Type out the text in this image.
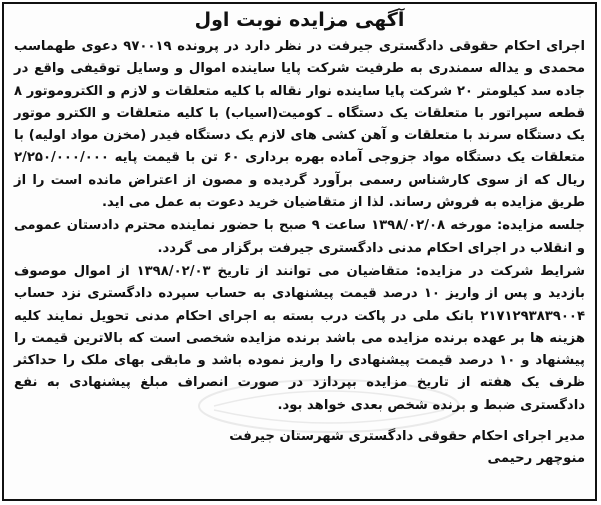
آگهی مزایده نوبت اول

اجرای احکام حقوقی دادگستری جیرفت در نظر دارد در پرونده ۹۷۰۰۱۹ دعوی طهماسب محمدی و یداله سمندری به طرفیت شرکت پایا ساینده اموال و وسایل توقیفی واقع در جاده سد کیلومتر ۲۰ شرکت پایا ساینده نوار نقاله با کلیه متعلقات و لازم و الکتروموتور ۸ قطعه سپراتور با متعلقات یک دستگاه ـ کومیت(اسیاب) با کلیه متعلقات و الکترو موتور یک دستگاه سرند با متعلقات و آهن کشی های لازم یک دستگاه فیدر (مخزن مواد اولیه) با متعلقات یک دستگاه مواد جزوجی آماده بهره برداری ۶۰ تن با قیمت پایه ۲/۲۵۰/۰۰۰/۰۰۰ ریال که از سوی کارشناس رسمی برآورد گردیده و مصون از اعتراض مانده است را از طریق مزایده به فروش رساند. لذا از متقاضیان خرید دعوت به عمل می اید.

جلسه مزایده: مورخه ۱۳۹۸/۰۲/۰۸ ساعت ۹ صبح با حضور نماینده محترم دادستان عمومی و انقلاب در اجرای احکام مدنی دادگستری جیرفت برگزار می گردد.

شرایط شرکت در مزایده: متقاضیان می توانند از تاریخ ۱۳۹۸/۰۲/۰۳ از اموال موصوف بازدید و پس از واریز ۱۰ درصد قیمت پیشنهادی به حساب سپرده دادگستری نزد حساب ۲۱۷۱۲۹۳۸۳۹۰۰۴ بانک ملی در پاکت درب بسته به اجرای احکام مدنی تحویل نمایند کلیه هزینه ها بر عهده برنده مزایده می باشد برنده مزایده شخصی است که بالاترین قیمت را پیشنهاد و ۱۰ درصد قیمت پیشنهادی را واریز نموده باشد و مابقی بهای ملک را حداکثر ظرف یک هفته از تاریخ مزایده بپردازد در صورت انصراف مبلغ پیشنهادی به نفع دادگستری ضبط و برنده شخص بعدی خواهد بود.

مدیر اجرای احکام حقوقی دادگستری شهرستان جیرفت
منوچهر رحیمی
